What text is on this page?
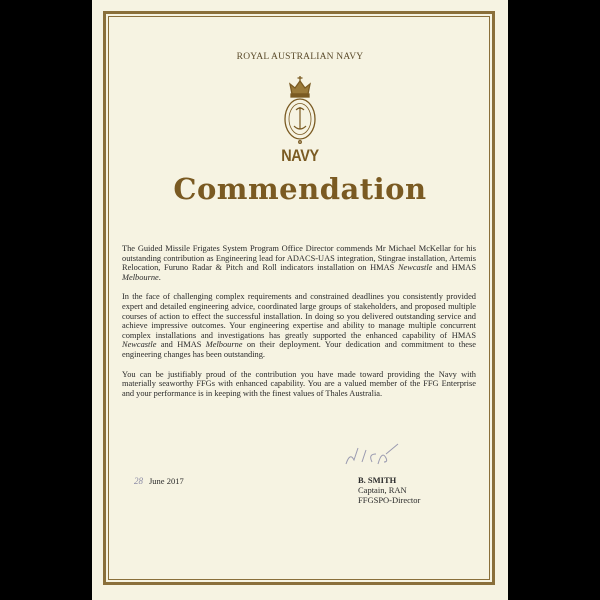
ROYAL AUSTRALIAN NAVY
NAVY
Commendation

The Guided Missile Frigates System Program Office Director commends Mr Michael McKellar for his outstanding contribution as Engineering lead for ADACS-UAS integration, Stingrae installation, Artemis Relocation, Furuno Radar & Pitch and Roll indicators installation on HMAS Newcastle and HMAS Melbourne.

In the face of challenging complex requirements and constrained deadlines you consistently provided expert and detailed engineering advice, coordinated large groups of stakeholders, and proposed multiple courses of action to effect the successful installation. In doing so you delivered outstanding service and achieve impressive outcomes. Your engineering expertise and ability to manage multiple concurrent complex installations and investigations has greatly supported the enhanced capability of HMAS Newcastle and HMAS Melbourne on their deployment. Your dedication and commitment to these engineering changes has been outstanding.

You can be justifiably proud of the contribution you have made toward providing the Navy with materially seaworthy FFGs with enhanced capability. You are a valued member of the FFG Enterprise and your performance is in keeping with the finest values of Thales Australia.

28 June 2017	B. SMITH
Captain, RAN
FFGSPO-Director
